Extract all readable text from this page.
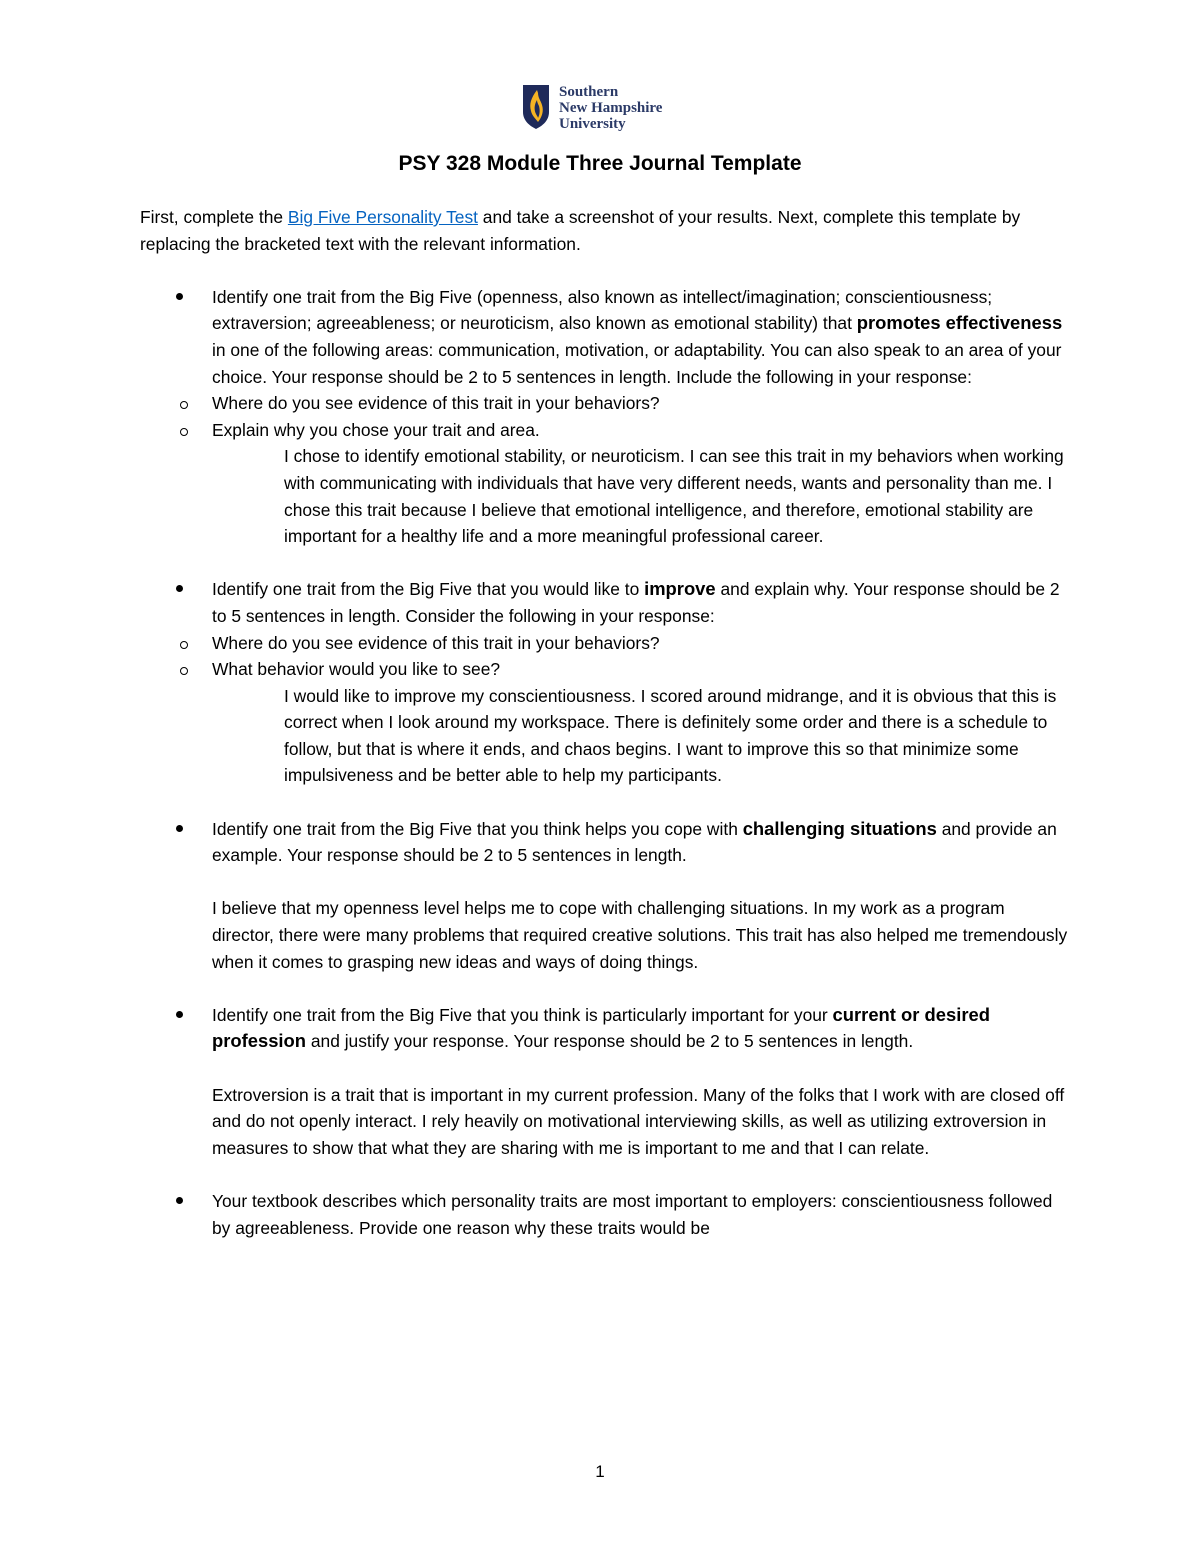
Southern
New Hampshire
University
PSY 328 Module Three Journal Template

First, complete the Big Five Personality Test and take a screenshot of your results. Next, complete this template by replacing the bracketed text with the relevant information.

Identify one trait from the Big Five (openness, also known as intellect/imagination; conscientiousness; extraversion; agreeableness; or neuroticism, also known as emotional stability) that promotes effectiveness in one of the following areas: communication, motivation, or adaptability. You can also speak to an area of your choice. Your response should be 2 to 5 sentences in length. Include the following in your response:

Where do you see evidence of this trait in your behaviors?
Explain why you chose your trait and area.

I chose to identify emotional stability, or neuroticism. I can see this trait in my behaviors when working with communicating with individuals that have very different needs, wants and personality than me. I chose this trait because I believe that emotional intelligence, and therefore, emotional stability are important for a healthy life and a more meaningful professional career.

Identify one trait from the Big Five that you would like to improve and explain why. Your response should be 2 to 5 sentences in length. Consider the following in your response:

Where do you see evidence of this trait in your behaviors?
What behavior would you like to see?

I would like to improve my conscientiousness. I scored around midrange, and it is obvious that this is correct when I look around my workspace. There is definitely some order and there is a schedule to follow, but that is where it ends, and chaos begins. I want to improve this so that minimize some impulsiveness and be better able to help my participants.

Identify one trait from the Big Five that you think helps you cope with challenging situations and provide an example. Your response should be 2 to 5 sentences in length.

I believe that my openness level helps me to cope with challenging situations. In my work as a program director, there were many problems that required creative solutions. This trait has also helped me tremendously when it comes to grasping new ideas and ways of doing things.

Identify one trait from the Big Five that you think is particularly important for your current or desired profession and justify your response. Your response should be 2 to 5 sentences in length.

Extroversion is a trait that is important in my current profession. Many of the folks that I work with are closed off and do not openly interact. I rely heavily on motivational interviewing skills, as well as utilizing extroversion in measures to show that what they are sharing with me is important to me and that I can relate.

Your textbook describes which personality traits are most important to employers: conscientiousness followed by agreeableness. Provide one reason why these traits would be

1
